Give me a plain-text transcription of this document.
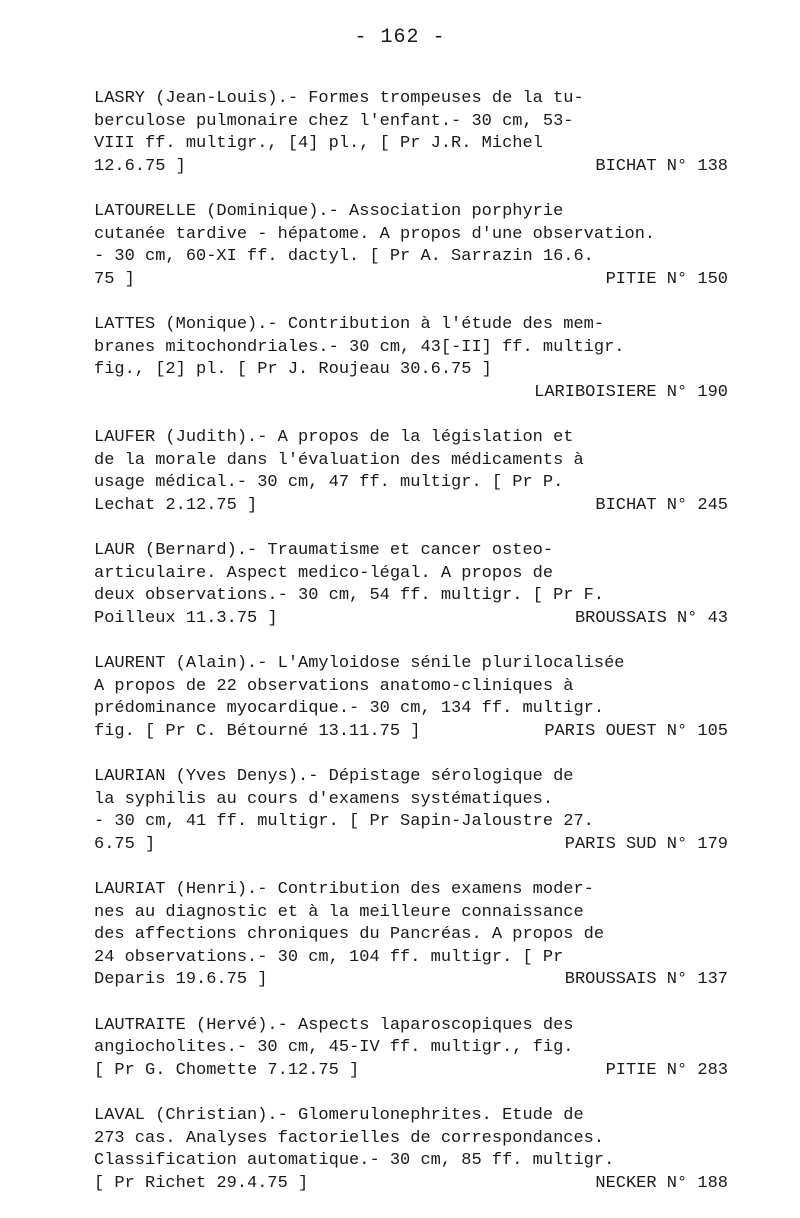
- 162 -
LASRY (Jean-Louis).- Formes trompeuses de la tu-
berculose pulmonaire chez l'enfant.- 30 cm, 53-
VIII ff. multigr., [4] pl., [ Pr J.R. Michel
12.6.75 ]	BICHAT N° 138
LATOURELLE (Dominique).- Association porphyrie
cutanée tardive - hépatome. A propos d'une observation.
- 30 cm, 60-XI ff. dactyl. [ Pr A. Sarrazin 16.6.
75 ]	PITIE N° 150
LATTES (Monique).- Contribution à l'étude des mem-
branes mitochondriales.- 30 cm, 43[-II] ff. multigr.
fig., [2] pl. [ Pr J. Roujeau 30.6.75 ]
LARIBOISIERE N° 190
LAUFER (Judith).- A propos de la législation et
de la morale dans l'évaluation des médicaments à
usage médical.- 30 cm, 47 ff. multigr. [ Pr P.
Lechat 2.12.75 ]	BICHAT N° 245
LAUR (Bernard).- Traumatisme et cancer osteo-
articulaire. Aspect medico-légal. A propos de
deux observations.- 30 cm, 54 ff. multigr. [ Pr F.
Poilleux 11.3.75 ]	BROUSSAIS N° 43
LAURENT (Alain).- L'Amyloidose sénile plurilocalisée
A propos de 22 observations anatomo-cliniques à
prédominance myocardique.- 30 cm, 134 ff. multigr.
fig. [ Pr C. Bétourné 13.11.75 ]	PARIS OUEST N° 105
LAURIAN (Yves Denys).- Dépistage sérologique de
la syphilis au cours d'examens systématiques.
- 30 cm, 41 ff. multigr. [ Pr Sapin-Jaloustre 27.
6.75 ]	PARIS SUD N° 179
LAURIAT (Henri).- Contribution des examens moder-
nes au diagnostic et à la meilleure connaissance
des affections chroniques du Pancréas. A propos de
24 observations.- 30 cm, 104 ff. multigr. [ Pr
Deparis 19.6.75 ]	BROUSSAIS N° 137
LAUTRAITE (Hervé).- Aspects laparoscopiques des
angiocholites.- 30 cm, 45-IV ff. multigr., fig.
[ Pr G. Chomette 7.12.75 ]	PITIE N° 283
LAVAL (Christian).- Glomerulonephrites. Etude de
273 cas. Analyses factorielles de correspondances.
Classification automatique.- 30 cm, 85 ff. multigr.
[ Pr Richet 29.4.75 ]	NECKER N° 188
